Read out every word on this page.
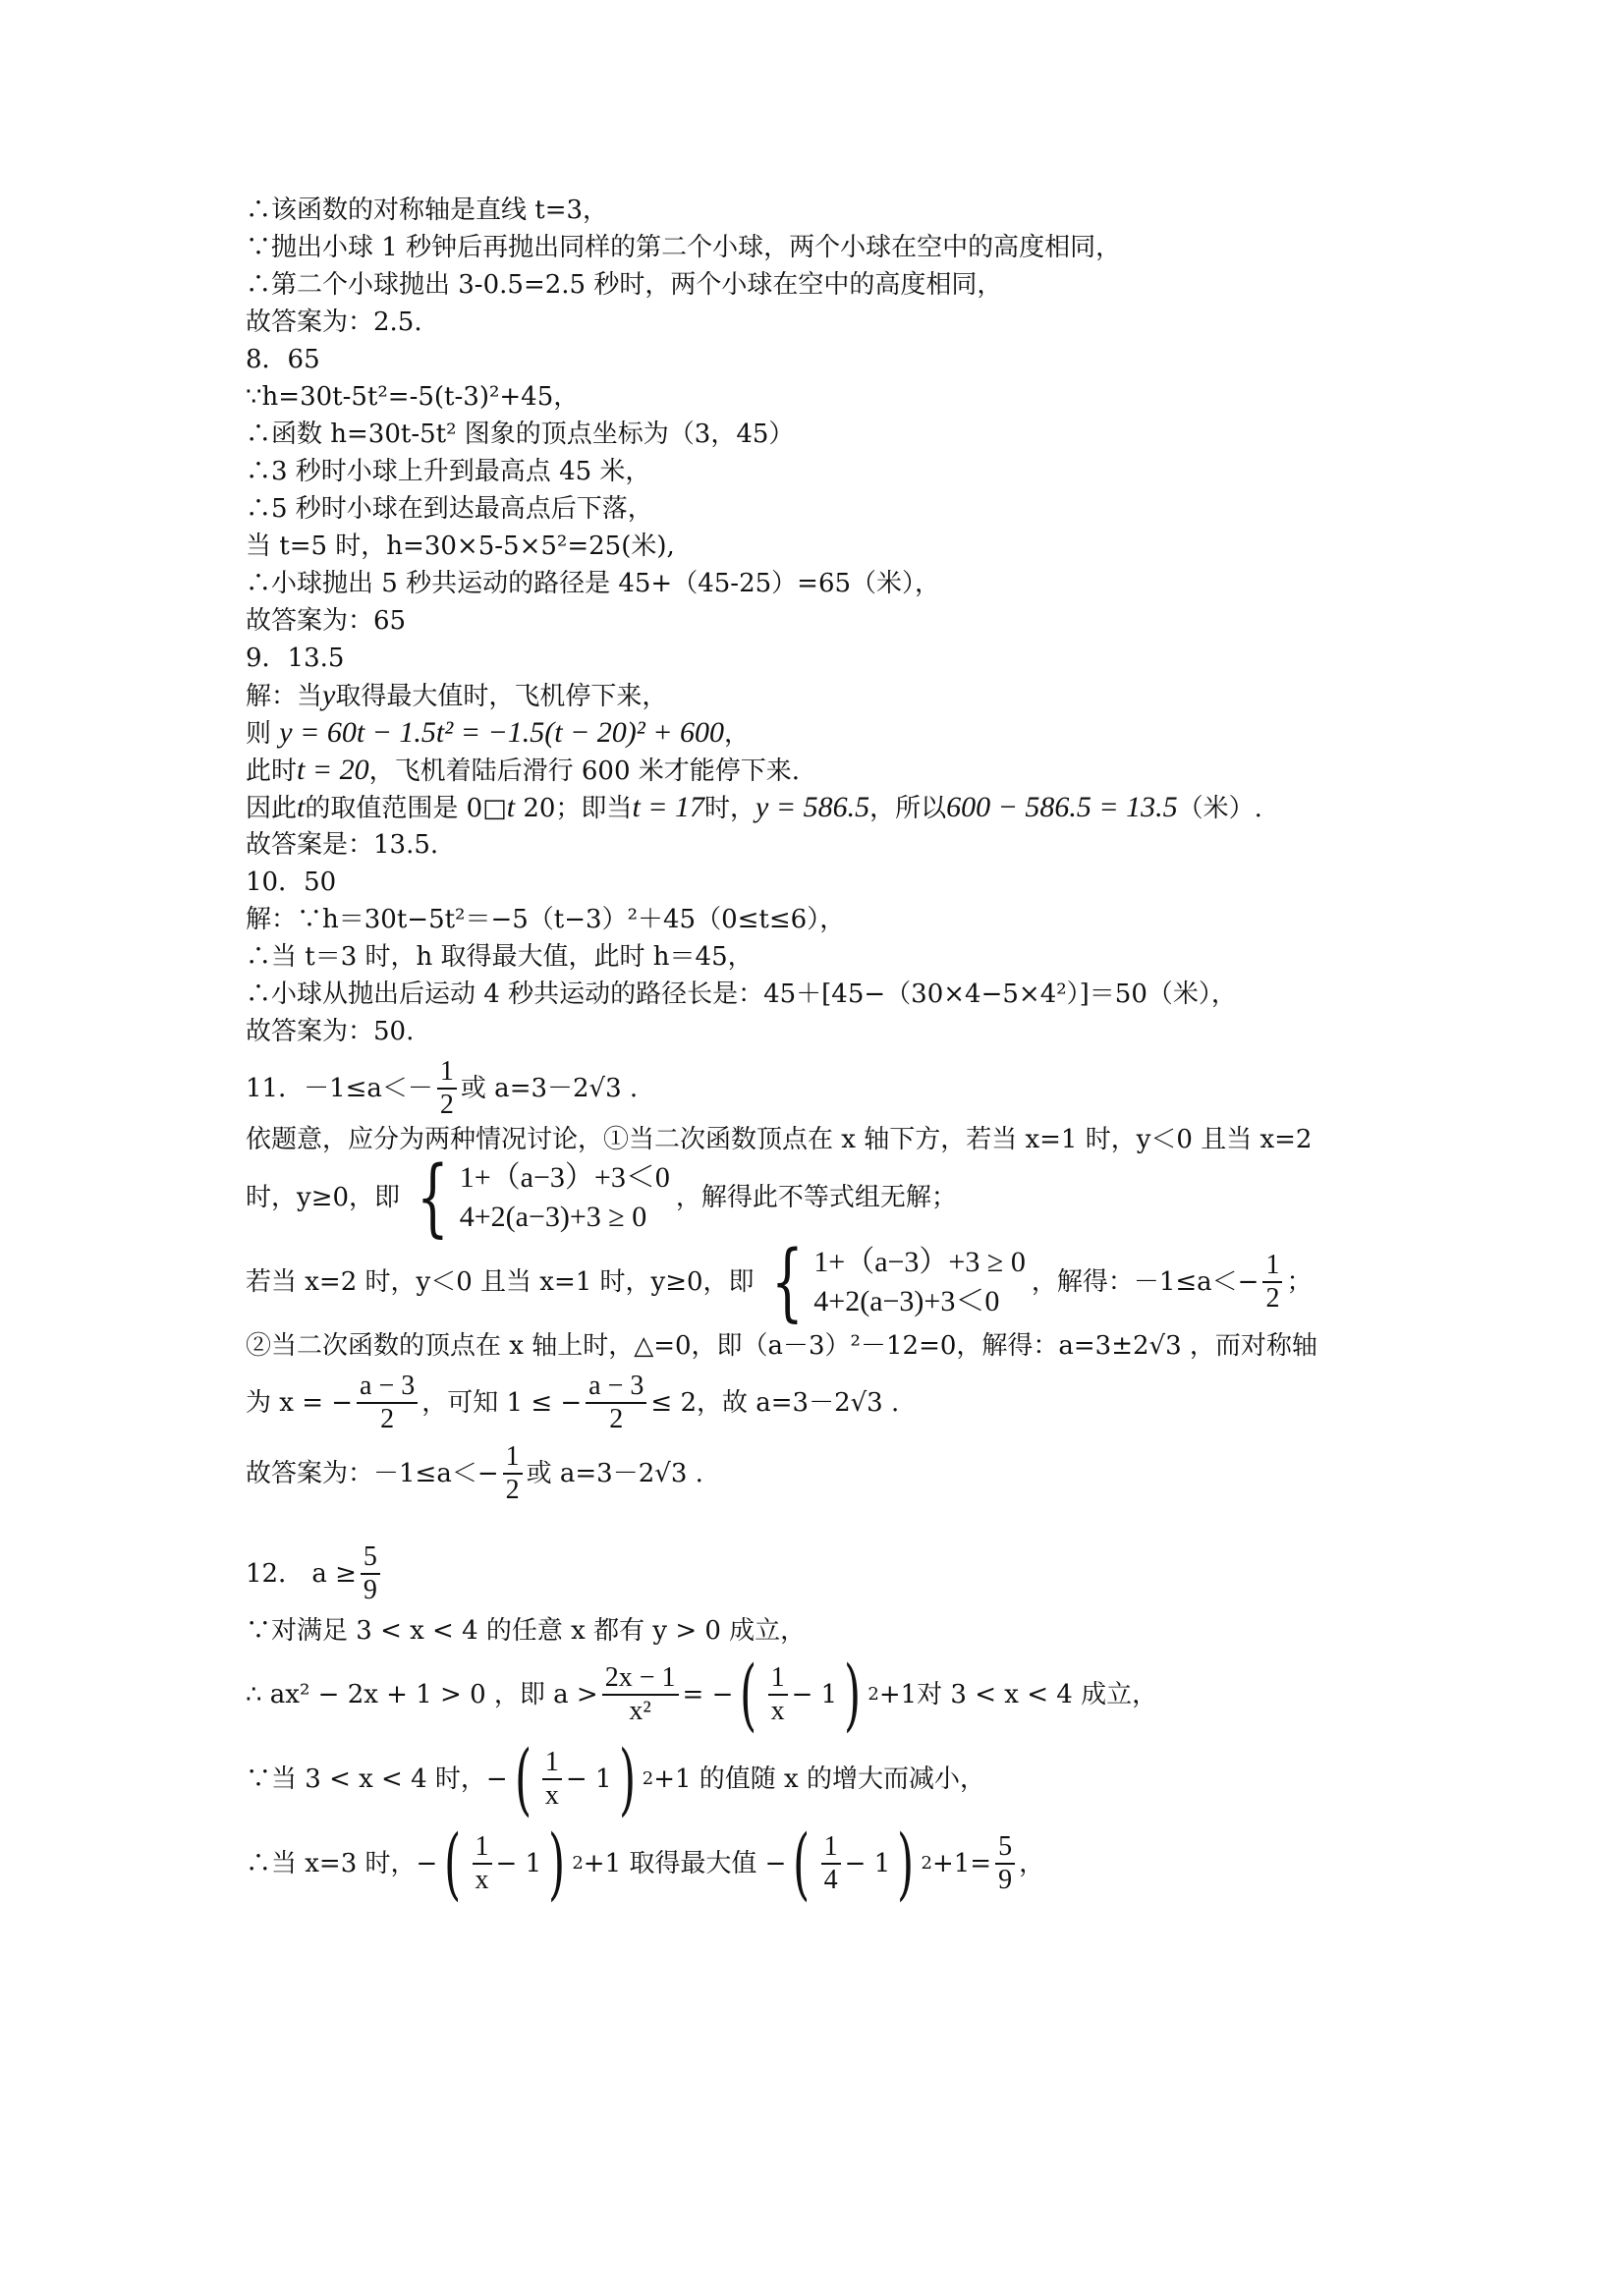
∴该函数的对称轴是直线 t=3，
∵抛出小球 1 秒钟后再抛出同样的第二个小球，两个小球在空中的高度相同，
∴第二个小球抛出 3-0.5=2.5 秒时，两个小球在空中的高度相同，
故答案为：2.5.
8．65
∵h=30t-5t²=-5(t-3)²+45，
∴函数 h=30t-5t² 图象的顶点坐标为（3，45）
∴3 秒时小球上升到最高点 45 米，
∴5 秒时小球在到达最高点后下落，
当 t=5 时，h=30×5-5×5²=25(米),
∴小球抛出 5 秒共运动的路径是 45+（45-25）=65（米），
故答案为：65
9．13.5
解：当y取得最大值时，飞机停下来，
则 y = 60t − 1.5t² = −1.5(t − 20)² + 600，
此时t = 20，飞机着陆后滑行 600 米才能停下来.
因此t的取值范围是 0□t 20；即当t = 17时，y = 586.5，所以600 − 586.5 = 13.5（米）.
故答案是：13.5.
10．50
解：∵h＝30t−5t²＝−5（t−3）²＋45（0≤t≤6），
∴当 t＝3 时，h 取得最大值，此时 h＝45，
∴小球从抛出后运动 4 秒共运动的路径长是：45＋[45−（30×4−5×4²）]＝50（米），
故答案为：50.
11．$-1\le a<- \frac{1}{2}$ 或 a=3－2√3 .
依题意，应分为两种情况讨论，①当二次函数顶点在 x 轴下方，若当 x=1 时，y＜0 且当 x=2
时，y≥0，即 { 1+（a−3）+3＜0
4+2(a−3)+3 ≥ 0
，解得此不等式组无解；
若当 x=2 时，y＜0 且当 x=1 时，y≥0，即 { 1+（a−3）+3 ≥ 0
4+2(a−3)+3＜0
，解得：$-1\le a<- \frac{1}{2}$ ；
②当二次函数的顶点在 x 轴上时，△=0，即（a－3）²－12=0，解得：a=3±2√3 ，而对称轴
为 x = − $\frac{a - 3}{2}$ ，可知 1 ≤ − $\frac{a - 3}{2} \le 2$，故 a=3－2√3 .
故答案为：$-1\le a<- \frac{1}{2}$ 或 a=3－2√3 .
12． $a \ge \frac{5}{9}$
∵对满足 3 < x < 4 的任意 x 都有 y > 0 成立，
∴ ax² − 2x + 1 > 0 ，即 $a > \frac{2x - 1}{\text{x²}}$ = − ( $\frac{1}{x} - 1$ ) 2 +1对 3 < x < 4 成立，
∵当 3 < x < 4 时，− ( $\frac{1}{x} - 1$ ) 2 +1 的值随 x 的增大而减小，
∴当 x=3 时，− ( $\frac{1}{x} - 1$ ) 2 +1 取得最大值 − ( $\frac{1}{4} - 1$ ) $2 +1= \frac{5}{9}$ ，
